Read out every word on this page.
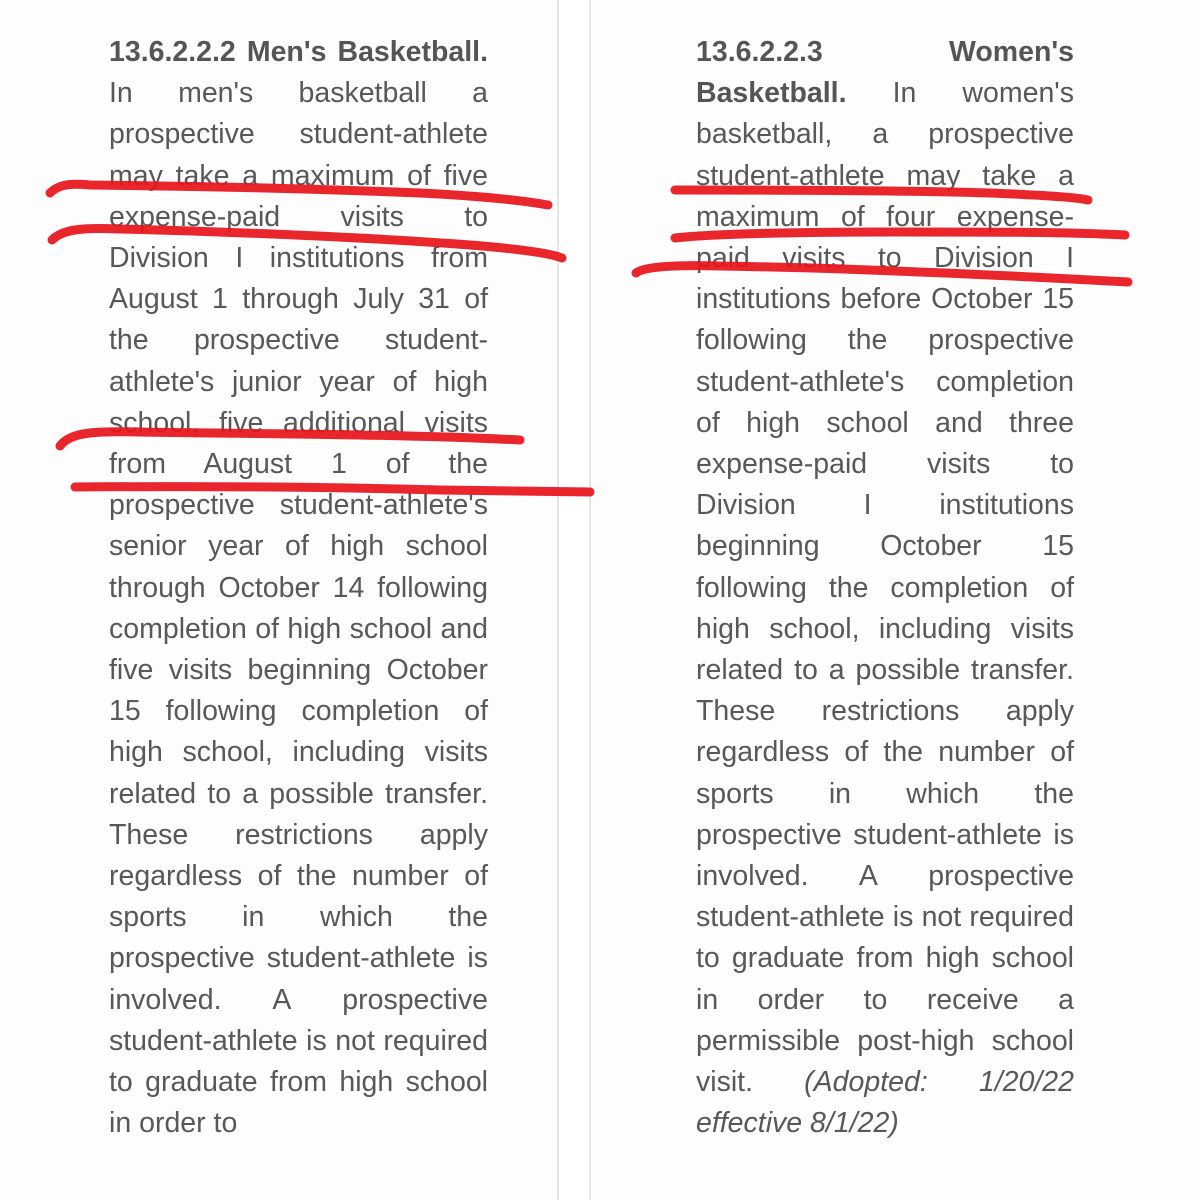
13.6.2.2.2 Men's Basketball. In men's basketball a prospective student-athlete may take a maximum of five expense-paid visits to Division I institutions from August 1 through July 31 of the prospective student-athlete's junior year of high school, five additional visits from August 1 of the prospective student-athlete's senior year of high school through October 14 following completion of high school and five visits beginning October 15 following completion of high school, including visits related to a possible transfer. These restrictions apply regardless of the number of sports in which the prospective student-athlete is involved. A prospective student-athlete is not required to graduate from high school in order to
13.6.2.2.3 Women's Basketball. In women's basketball, a prospective student-athlete may take a maximum of four expense-paid visits to Division I institutions before October 15 following the prospective student-athlete's completion of high school and three expense-paid visits to Division I institutions beginning October 15 following the completion of high school, including visits related to a possible transfer. These restrictions apply regardless of the number of sports in which the prospective student-athlete is involved. A prospective student-athlete is not required to graduate from high school in order to receive a permissible post-high school visit. (Adopted: 1/20/22 effective 8/1/22)
